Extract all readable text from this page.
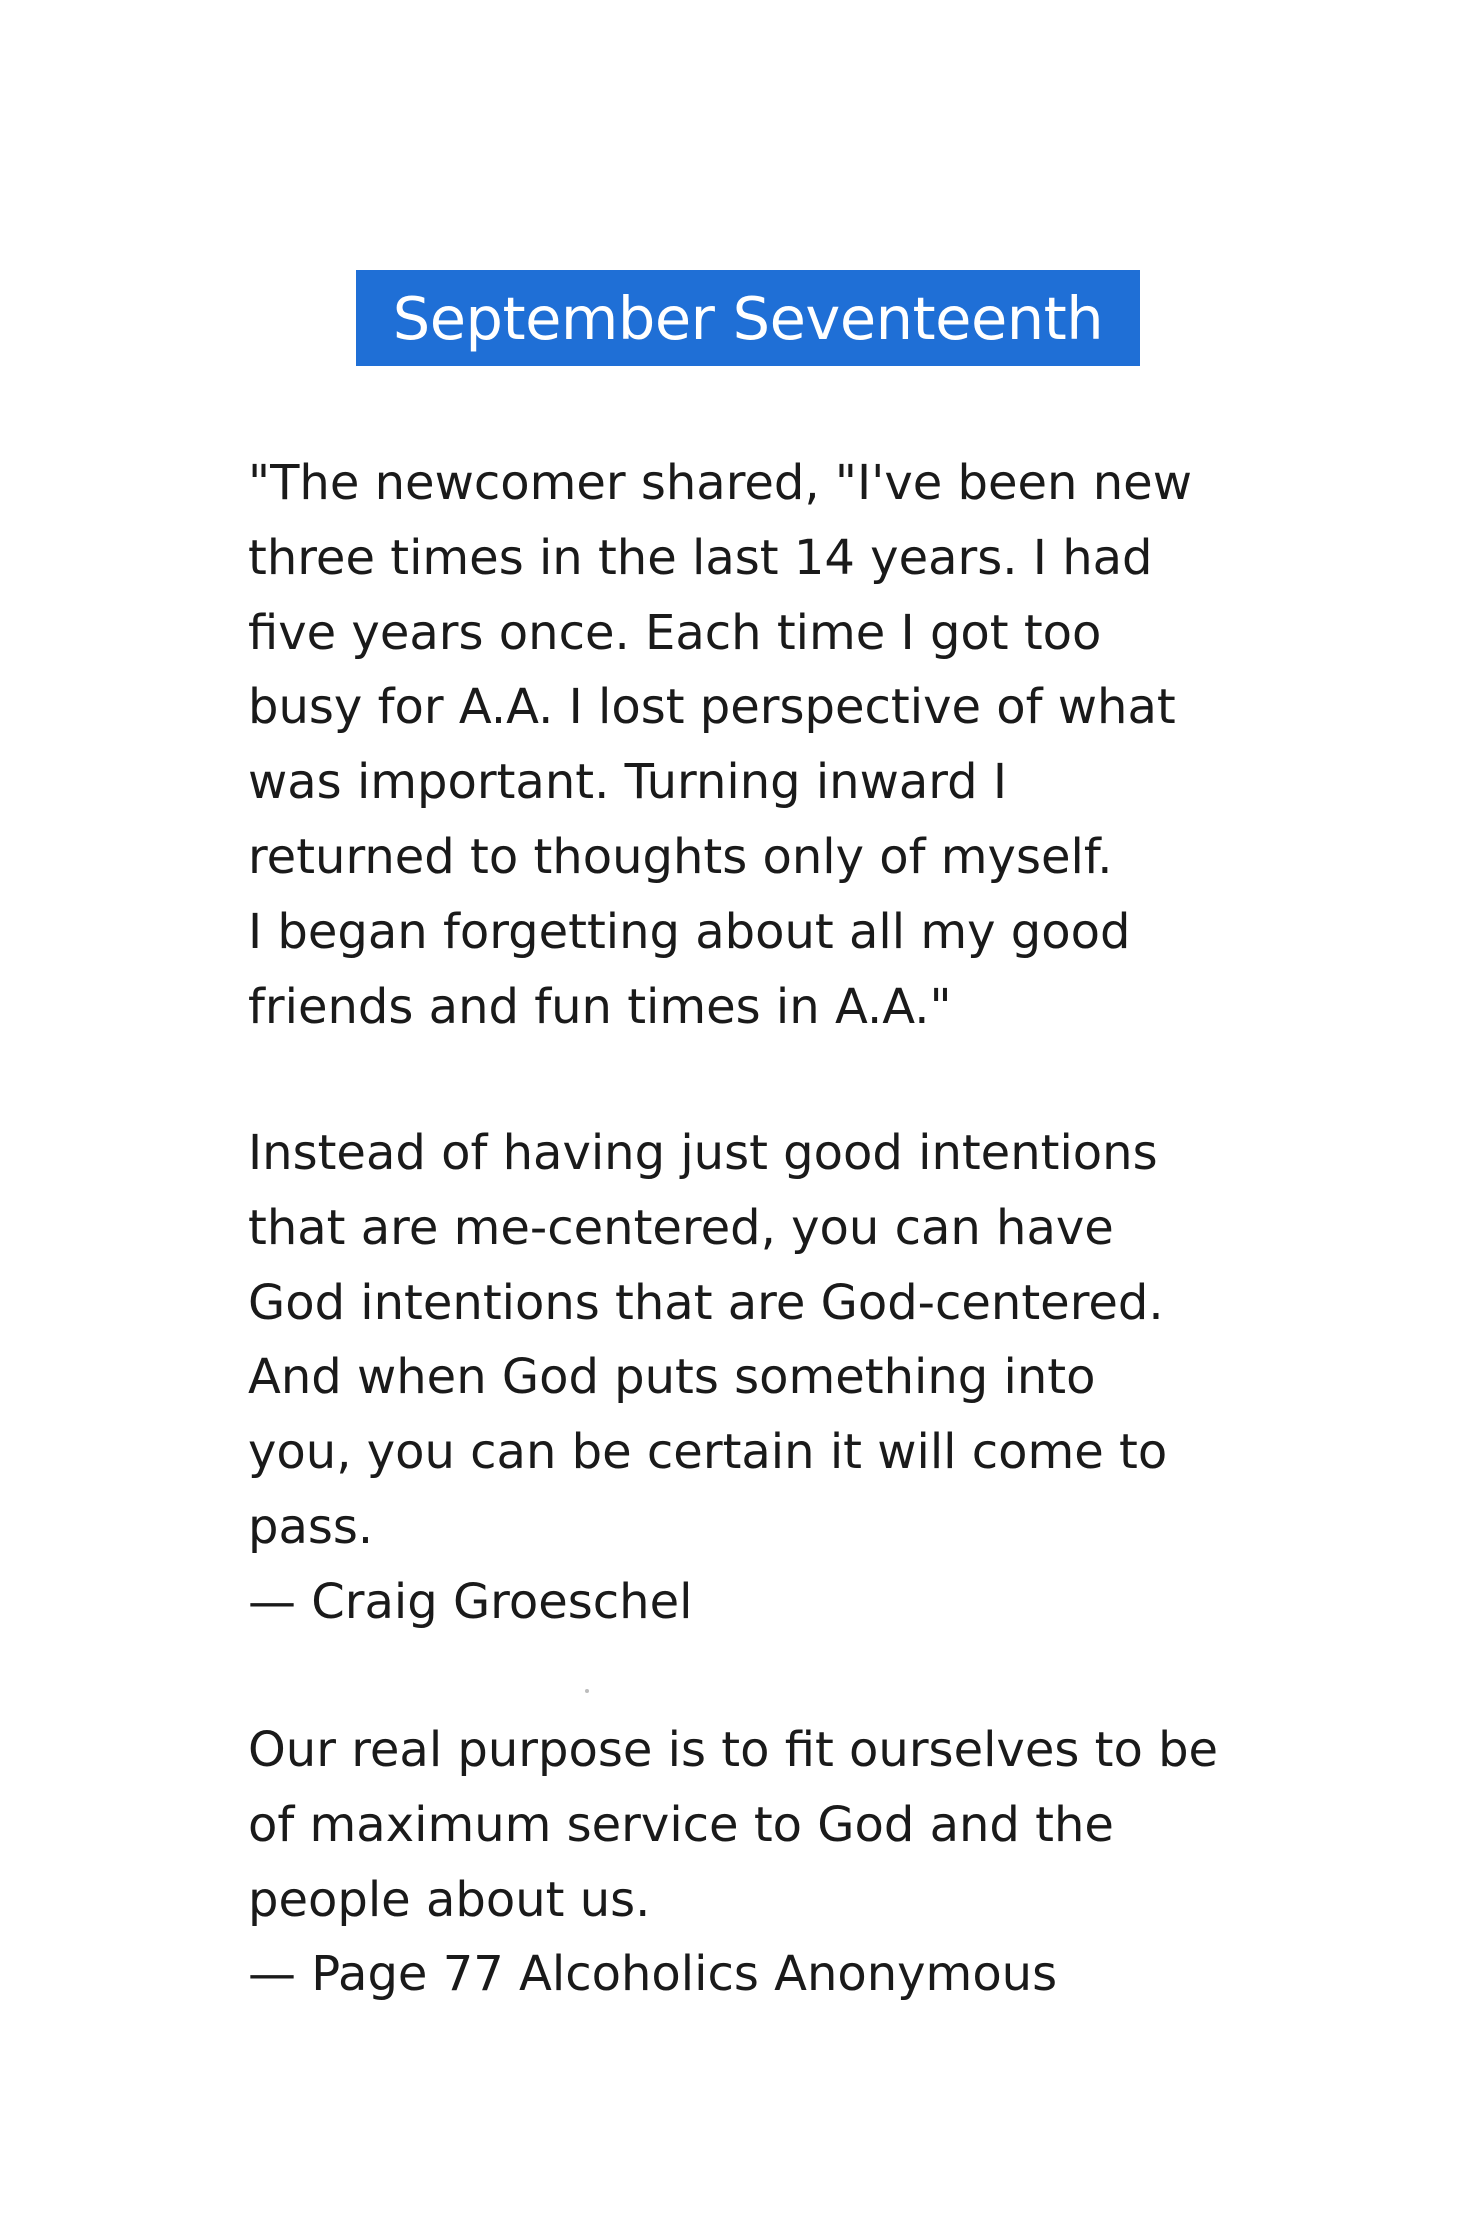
September Seventeenth
"The newcomer shared, "I've been new
three times in the last 14 years. I had
five years once. Each time I got too
busy for A.A. I lost perspective of what
was important. Turning inward I
returned to thoughts only of myself.
I began forgetting about all my good
friends and fun times in A.A."
Instead of having just good intentions
that are me-centered, you can have
God intentions that are God-centered.
And when God puts something into
you, you can be certain it will come to
pass.
— Craig Groeschel
Our real purpose is to fit ourselves to be
of maximum service to God and the
people about us.
— Page 77 Alcoholics Anonymous
